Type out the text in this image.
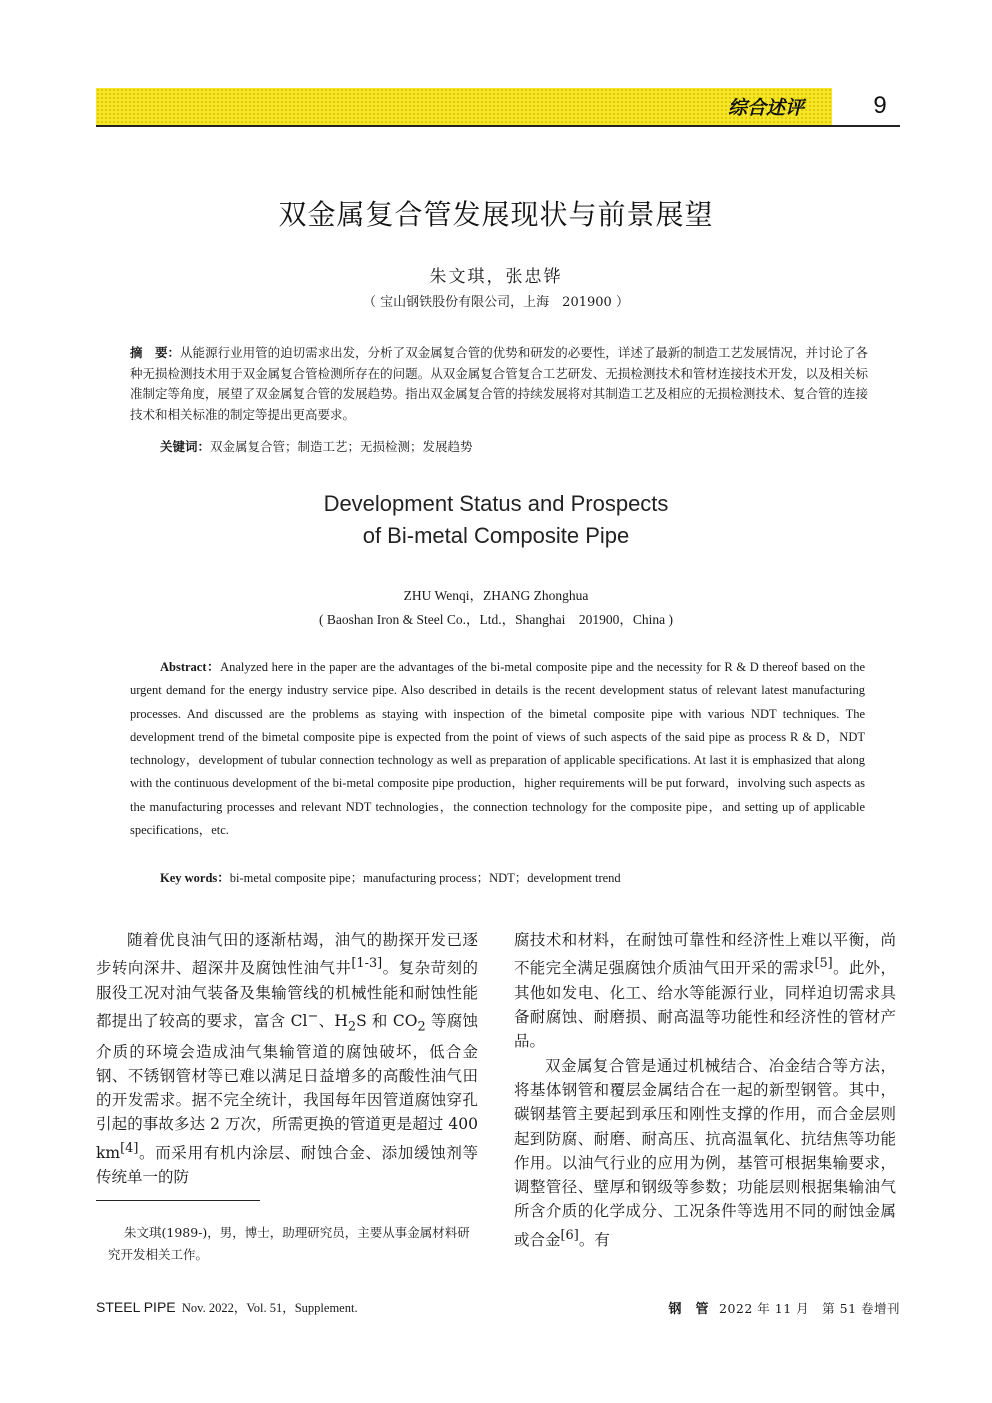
综合述评	9
双金属复合管发展现状与前景展望
朱文琪，张忠铧
（ 宝山钢铁股份有限公司，上海　201900 ）
摘　要：从能源行业用管的迫切需求出发，分析了双金属复合管的优势和研发的必要性，详述了最新的制造工艺发展情况，并讨论了各种无损检测技术用于双金属复合管检测所存在的问题。从双金属复合管复合工艺研发、无损检测技术和管材连接技术开发，以及相关标准制定等角度，展望了双金属复合管的发展趋势。指出双金属复合管的持续发展将对其制造工艺及相应的无损检测技术、复合管的连接技术和相关标准的制定等提出更高要求。
关键词：双金属复合管；制造工艺；无损检测；发展趋势
Development Status and Prospects
of Bi-metal Composite Pipe
ZHU Wenqi，ZHANG Zhonghua
( Baoshan Iron & Steel Co.，Ltd.，Shanghai　201900，China )
Abstract：Analyzed here in the paper are the advantages of the bi-metal composite pipe and the necessity for R & D thereof based on the urgent demand for the energy industry service pipe. Also described in details is the recent development status of relevant latest manufacturing processes. And discussed are the problems as staying with inspection of the bimetal composite pipe with various NDT techniques. The development trend of the bimetal composite pipe is expected from the point of views of such aspects of the said pipe as process R & D，NDT technology，development of tubular connection technology as well as preparation of applicable specifications. At last it is emphasized that along with the continuous development of the bi-metal composite pipe production，higher requirements will be put forward，involving such aspects as the manufacturing processes and relevant NDT technologies，the connection technology for the composite pipe，and setting up of applicable specifications，etc.
Key words：bi-metal composite pipe；manufacturing process；NDT；development trend

随着优良油气田的逐渐枯竭，油气的勘探开发已逐步转向深井、超深井及腐蚀性油气井[1-3]。复杂苛刻的服役工况对油气装备及集输管线的机械性能和耐蚀性能都提出了较高的要求，富含 Cl−、$H_2S$ 和 $CO_2$ 等腐蚀介质的环境会造成油气集输管道的腐蚀破坏，低合金钢、不锈钢管材等已难以满足日益增多的高酸性油气田的开发需求。据不完全统计，我国每年因管道腐蚀穿孔引起的事故多达 2 万次，所需更换的管道更是超过 400 km[4]。而采用有机内涂层、耐蚀合金、添加缓蚀剂等传统单一的防

腐技术和材料，在耐蚀可靠性和经济性上难以平衡，尚不能完全满足强腐蚀介质油气田开采的需求[5]。此外，其他如发电、化工、给水等能源行业，同样迫切需求具备耐腐蚀、耐磨损、耐高温等功能性和经济性的管材产品。

双金属复合管是通过机械结合、冶金结合等方法，将基体钢管和覆层金属结合在一起的新型钢管。其中，碳钢基管主要起到承压和刚性支撑的作用，而合金层则起到防腐、耐磨、耐高压、抗高温氧化、抗结焦等功能作用。以油气行业的应用为例，基管可根据集输要求，调整管径、壁厚和钢级等参数；功能层则根据集输油气所含介质的化学成分、工况条件等选用不同的耐蚀金属或合金[6]。有

朱文琪(1989-)，男，博士，助理研究员，主要从事金属材料研究开发相关工作。
STEEL PIPE Nov. 2022，Vol. 51，Supplement.	钢　管 2022 年 11 月　第 51 卷增刊
